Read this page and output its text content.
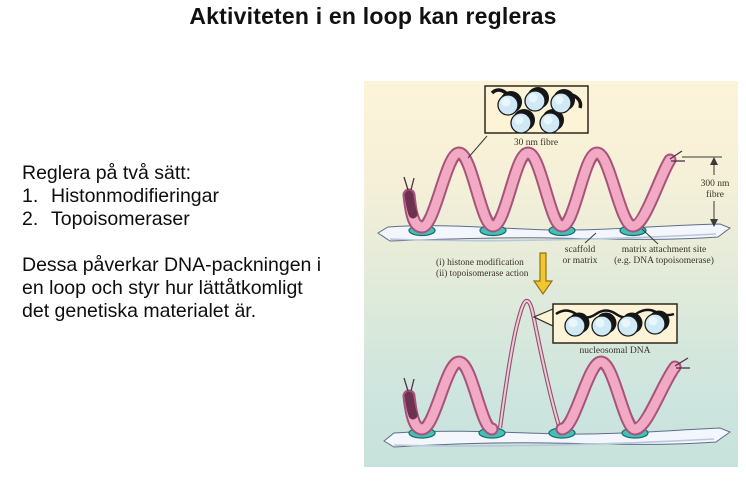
Aktiviteten i en loop kan regleras
Reglera på två sätt:
1. Histonmodifieringar
2. Topoisomeraser
Dessa påverkar DNA-packningen i
en loop och styr hur lättåtkomligt
det genetiska materialet är.
30 nm fibre
300 nm
fibre
scaffold
or matrix
matrix attachment site
(e.g. DNA topoisomerase)
(i) histone modification
(ii) topoisomerase action
nucleosomal DNA
